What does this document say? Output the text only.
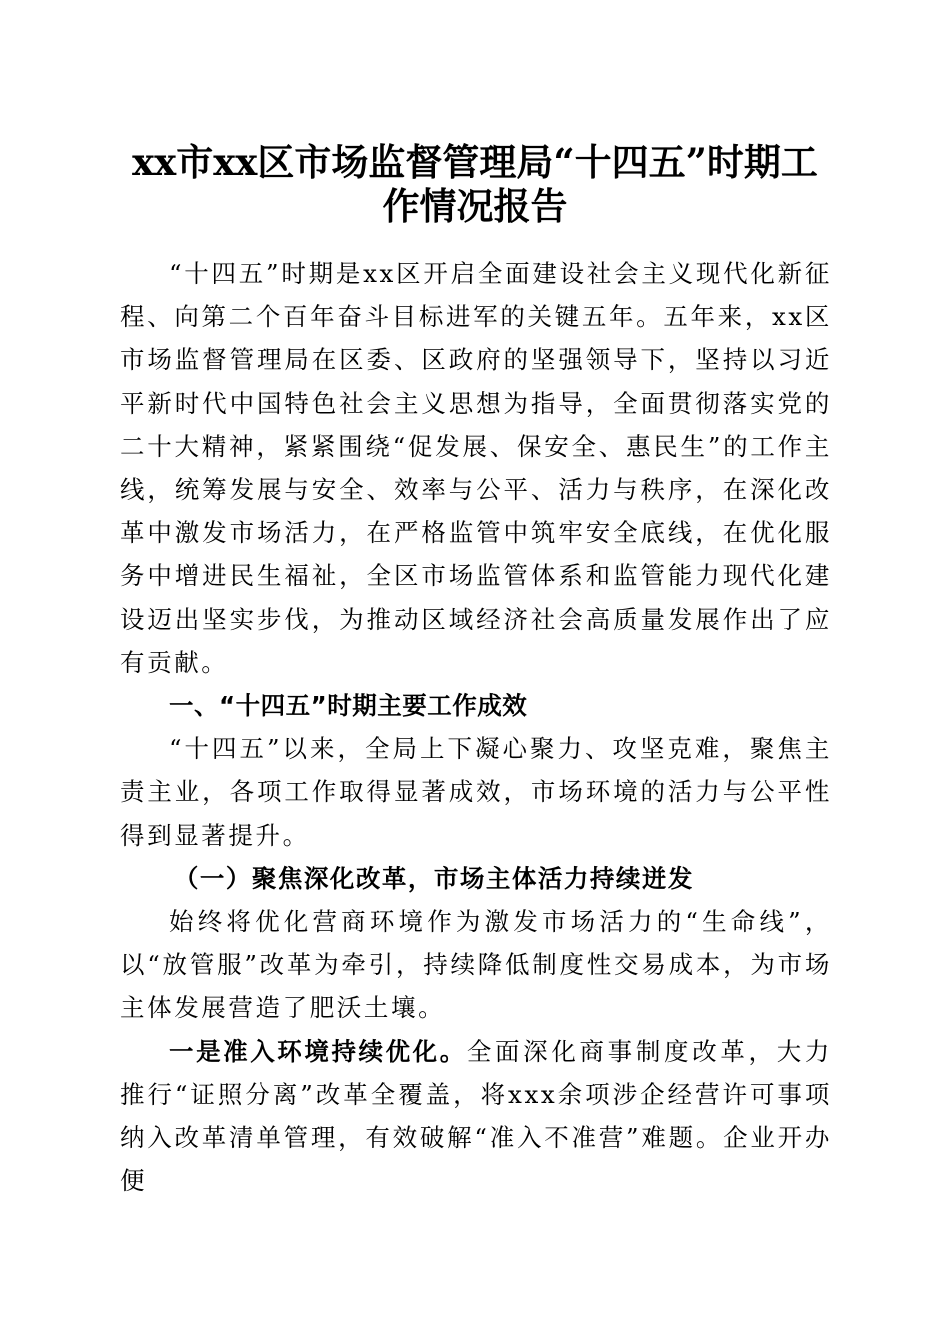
xx市xx区市场监督管理局“十四五”时期工
作情况报告

“十四五”时期是xx区开启全面建设社会主义现代化新征程、向第二个百年奋斗目标进军的关键五年。五年来，xx区市场监督管理局在区委、区政府的坚强领导下，坚持以习近平新时代中国特色社会主义思想为指导，全面贯彻落实党的二十大精神，紧紧围绕“促发展、保安全、惠民生”的工作主线，统筹发展与安全、效率与公平、活力与秩序，在深化改革中激发市场活力，在严格监管中筑牢安全底线，在优化服务中增进民生福祉，全区市场监管体系和监管能力现代化建设迈出坚实步伐，为推动区域经济社会高质量发展作出了应有贡献。

一、“十四五”时期主要工作成效

“十四五”以来，全局上下凝心聚力、攻坚克难，聚焦主责主业，各项工作取得显著成效，市场环境的活力与公平性得到显著提升。

（一）聚焦深化改革，市场主体活力持续迸发

始终将优化营商环境作为激发市场活力的“生命线”，以“放管服”改革为牵引，持续降低制度性交易成本，为市场主体发展营造了肥沃土壤。

一是准入环境持续优化。全面深化商事制度改革，大力推行“证照分离”改革全覆盖，将xxx余项涉企经营许可事项纳入改革清单管理，有效破解“准入不准营”难题。企业开办便
